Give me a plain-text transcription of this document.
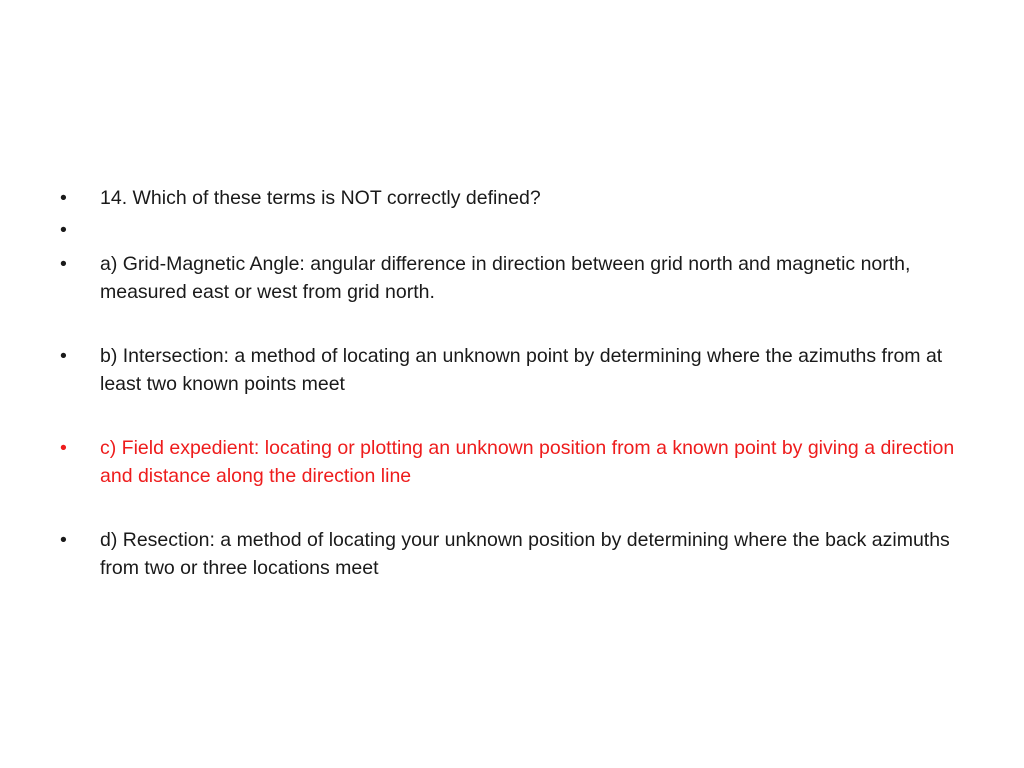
•	14. Which of these terms is NOT correctly defined?
•
•	a) Grid-Magnetic Angle: angular difference in direction between grid north and magnetic north, measured east or west from grid north.
•	b) Intersection: a method of locating an unknown point by determining where the azimuths from at least two known points meet
•	c) Field expedient: locating or plotting an unknown position from a known point by giving a direction and distance along the direction line
•	d) Resection: a method of locating your unknown position by determining where the back azimuths from two or three locations meet
